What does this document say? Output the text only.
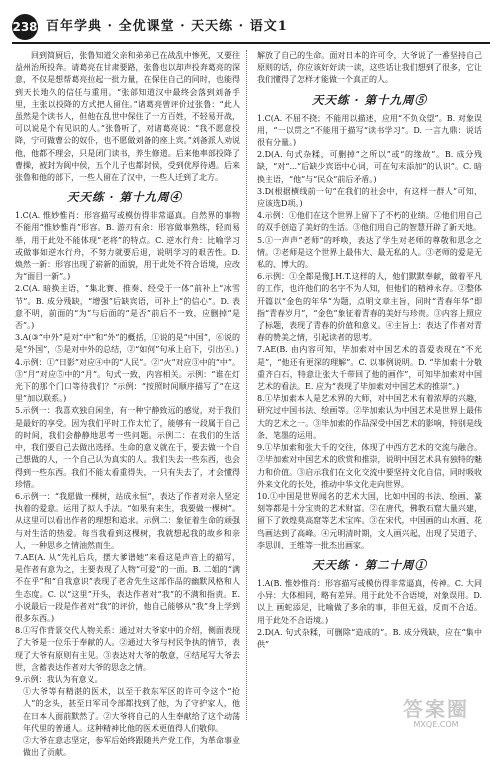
238 百年学典 · 全优课堂 · 天天练 · 语文1

回到简厨后，张鲁知道父亲和弟弟已在战乱中惨死，又要往益州治所投奔。请葛亮在甘肃要路，张鲁也以却声投奔葛亮的深意，不仅是想帮葛亮拉起一批力量，在保住自己的同时，也能得到天长地久的信任与重用。“张郃知道汉中最终会落到刘备手里，主张以投降的方式把人留住。”诸葛亮曾评价过张鲁：“此人虽然是个读书人，但他在乱世中保住了一方百姓，不轻易开战，可以说是个有见识的人。”张鲁听了，对诸葛亮说：“我不愿意投降，宁可做曹公的奴仆，也不愿做刘备的座上宾。”刘备派人劝说他，他都不理会，只是闭门读书，养生修道。后来他率部投降了曹操，被封为阆中侯，五个儿子也都封侯，受到优厚待遇。后来张鲁和他的部下，一些人留在了汉中，一些人迁到了北方。

天天练 · 第十九周④

1.C(A. 惟妙惟肖：形容描写或模仿得非常逼真。自然界的事物不能用“惟妙惟肖”形容。B. 游刃有余：形容做事熟练，轻而易举，用于此处不能体现“老将”的特点。C. 逆水行舟：比喻学习或做事如逆水行舟，不努力就要后退，说明学习的艰苦性。D. 焕然一新：形容出现了崭新的面貌，用于此处不符合语境，应改为“面目一新”。)

2.C(A. 暗换主语，“集北赛、推奏、经受于一体”前补上“冰雪节”。B. 成分残缺，“增强”后缺宾语，可补上“的信心”。D. 表意不明，前面的“为”与后面的“是否”前后不一致，应删掉“是否”。)

3.A(③“中外”是对“中”和“外”的概括，①说的是“中国”，⑥说的是“外国”，⑤是对中外的总结，②“如何”句承上启下，引出④。)

4.示例：①“日影”对应④中的“人民”。②“火”对应③中的“中”。③“月”对应⑤中的“月”。句式一致，内容相关。示例：“谁在灯光下的那个门口等待我们？”示例：“按照时间顺序描写了“在这里”加以联系。)

5.示例一：我喜欢独自闲坐，有一种宁静致远的感觉，对于我们是最好的享受。因为我们平时工作太忙了，能够有一段属于自己的时间，我们会静静地思考一些问题。示例二：在我们的生活中，我们要自己去做出选择。生命的意义就在于，要去做一个自己想做的人，一个自己认为真实的人。我们失去一些东西，也会得到一些东西。我们不能太看重得失，一只有失去了，才会懂得珍惜。

6.示例一：“我愿做一棵树，站成永恒”，表达了作者对亲人坚定执着的爱意。运用了拟人手法。“如果有来生，我要做一棵树”。从这里可以看出作者的理想和追求。示例二：象征着生命的顽强与对生活的热爱。每当我看到这棵树，我就想起我的故乡和亲人，一种思乡之情油然而生。

7.AE(A. 从“先礼后兵，摆大爹谱她”来看这是声音上的描写，是作者有意为之，主要表现了人物“可爱”的一面。B. 二姐的“满不在乎”和“自我意识”表现了老舍先生这部作品的幽默风格和人生态度。C. 以“这里”开头，表达作者对“我”的不满和指责。E. 小说最后一段是作者对“我”的评价，他自己能够从“我”身上学到很多东西。)

8.①写作背景交代人物关系：通过对大爷家中的介绍，侧面表现了大爷是一位乐于奉献的人。②通过大爷与村民争执的情节，表现了大爷有原则有主见。③表达对大爷的敬意，④结尾写大爷去世，含蓄表达作者对大爷的思念之情。

9.示例：我认为有意义。

①大爷等有精湛的医术，以至于救东军区的许可令这个“抢人”的念头，甚至日军司令部都找到了他，为了守护家人，他在日本人面前默然了。②大爷将自己的人生奉献给了这个动荡年代里的普通人。这种精神比他的医术更值得人们敬仰。

②大爷在意志坚定，参军后始终跟随共产党工作，为革命事业做出了贡献。

解放了自己的生命。面对日本的许可令，大爷说了一番坚持自己原则的话，你应该好好读一读，这些话让我们想到了很多，它让我们懂得了怎样才能做一个真正的人。

天天练 · 第十九周⑤

1.C(A. 不屈不挠；不能用以描述，应用“不负众望”。B. 对象误用，“一以贯之”不能用于描写“读书学习”。D. 一言九鼎：说话很有分量。)

2.D(A. 句式杂糅，可删掉“之所以”或“的缘故”。B. 成分残缺，“对“...”后缺少宾语中心词，可在句末添加“的认识”。C. 暗换主语，“他”与“民众”前后矛盾。)

3.D(根据横线前一句“在我们的社会中，有这样一群人”可知，应该选D项。)

4.示例：①他们在这个世界上留下了不朽的业绩。②他们用自己的双手创造了美好的生活。③他们用自己的智慧开辟了新天地。

5.①一声声“老师”的呼唤，表达了学生对老师的尊敬和思念之情。②老师是这个世界上最伟大、最无私的人。③老师的爱是无私的、博大的。

6.示例：①全都是像J.H.T.这样的人，他们默默奉献，做着平凡的工作，也许他们的名字不为人知，但他们的精神永存。②整体开篇以“金色的年华”为题，点明文章主旨，同时“青春年华”即指“青春岁月”，“金色”象征着青春的美好与珍贵。③内容上照应了标题，表现了青春的价值和意义。④主旨上：表达了作者对青春的赞美之情，引起读者的思考。

7.AE(B. 由内容可知，毕加索对中国艺术的喜爱表现在“不光是”，“他还有更深的理解”。C. 以事例说明。D. “毕加索十分敬重齐白石，特意让张大千带回了他的画作”，可知毕加索对中国艺术的看法。E. 应为“表现了毕加索对中国艺术的推崇”。)

8.①毕加索本人是艺术界的大师，对中国艺术有着浓厚的兴趣，研究过中国书法、绘画等。②毕加索认为中国艺术是世界上最伟大的艺术之一。③毕加索的作品深受中国艺术的影响，特别是线条、笔墨的运用。

9.①毕加索和张大千的交往，体现了中西方艺术的交流与融合。②毕加索对中国艺术的欣赏和推崇，说明中国艺术具有独特的魅力和价值。③启示我们在文化交流中要坚持文化自信，同时吸收外来文化的长处，推动中华文化走向世界。

10.①中国是世界闻名的艺术大国，比如中国的书法、绘画、篆刻等都是十分宝贵的艺术财富。②在唐代，佛教石窟大量兴建，留下了敦煌莫高窟等艺术宝库。③在宋代，中国画的山水画、花鸟画达到了高峰。④元明清时期，文人画兴起，出现了吴道子、李思训、王维等一批杰出画家。

天天练 · 第二十周①

1.A(B. 惟妙惟肖：形容描写或模仿得非常逼真，传神。C. 大同小异：大体相同，略有差异。用于此处不合语境，对象误用。D. 以上 画蛇添足，比喻做了多余的事，非但无益，反而不合适。用于此处不合语境。)

2.D(A. 句式杂糅，可删除“造成的”。B. 成分残缺，应在“集中供”

答案圈
MXQE.COM
